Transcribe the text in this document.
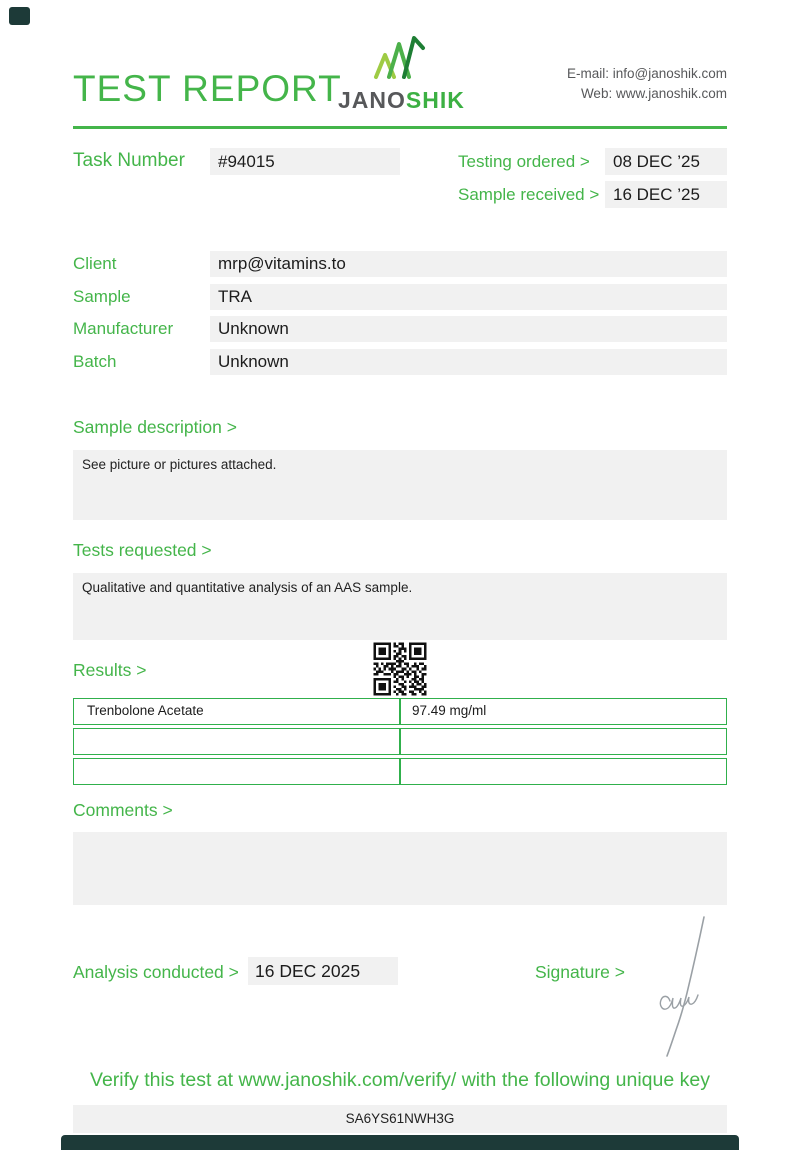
TEST REPORT
JANOSHIK
E-mail: info@janoshik.com
Web: www.janoshik.com
Task Number	#94015	Testing ordered >	08 DEC ’25
Sample received > 16 DEC ’25
Client	mrp@vitamins.to
Sample	TRA
Manufacturer	Unknown
Batch	Unknown
Sample description >
See picture or pictures attached.
Tests requested >
Qualitative and quantitative analysis of an AAS sample.
Results >
Trenbolone Acetate	97.49 mg/ml
Comments >
Analysis conducted > 16 DEC 2025	Signature >
Verify this test at www.janoshik.com/verify/ with the following unique key
SA6YS61NWH3G
